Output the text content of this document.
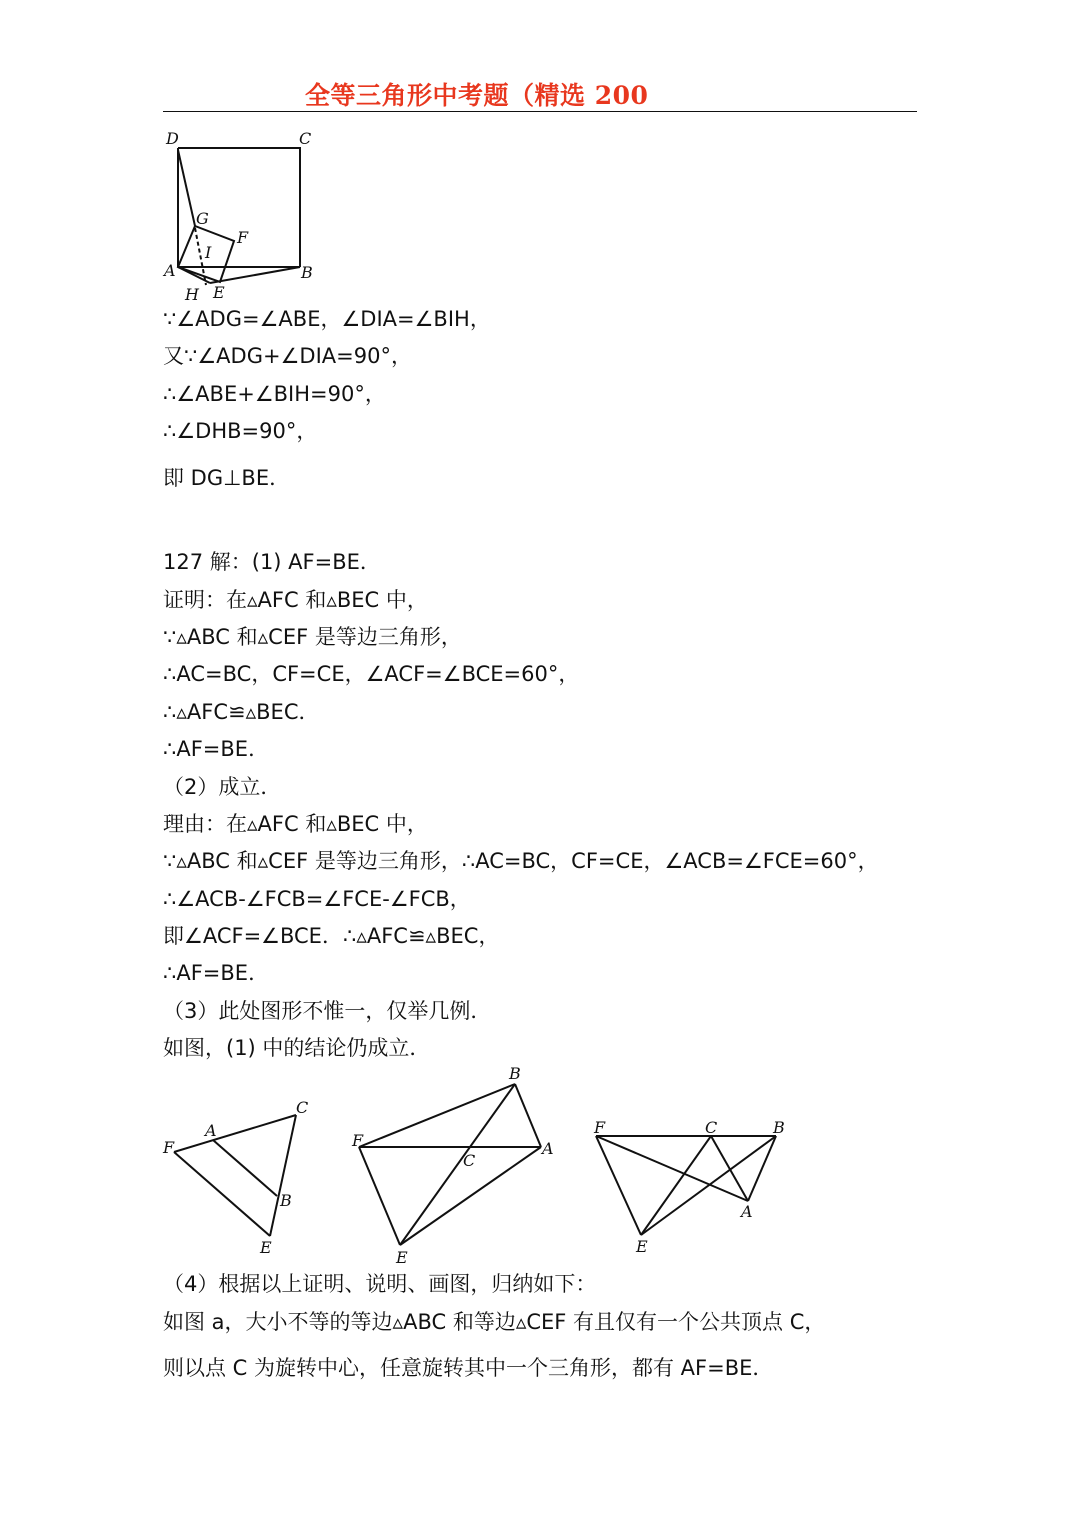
全等三角形中考题（精选 200
D	C
G
F
I
A	B
H E
∵∠ADG=∠ABE，∠DIA=∠BIH，
又∵∠ADG+∠DIA=90°，
∴∠ABE+∠BIH=90°，
∴∠DHB=90°，
即 DG⊥BE．
127 解：(1) AF=BE．
证明：在▵AFC 和▵BEC 中，
∵▵ABC 和▵CEF 是等边三角形，
∴AC=BC，CF=CE，∠ACF=∠BCE=60°，
∴▵AFC≌▵BEC．
∴AF=BE．
（2）成立．
理由：在▵AFC 和▵BEC 中，
∵▵ABC 和▵CEF 是等边三角形，∴AC=BC，CF=CE，∠ACB=∠FCE=60°，
∴∠ACB-∠FCB=∠FCE-∠FCB，
即∠ACF=∠BCE．∴▵AFC≌▵BEC，
∴AF=BE．
（3）此处图形不惟一，仅举几例．
如图，(1) 中的结论仍成立．
F
A
C
B
E
B
F
C
A
E
F	C	B
A
E
（4）根据以上证明、说明、画图，归纳如下：
如图 a，大小不等的等边▵ABC 和等边▵CEF 有且仅有一个公共顶点 C，
则以点 C 为旋转中心，任意旋转其中一个三角形，都有 AF=BE．
